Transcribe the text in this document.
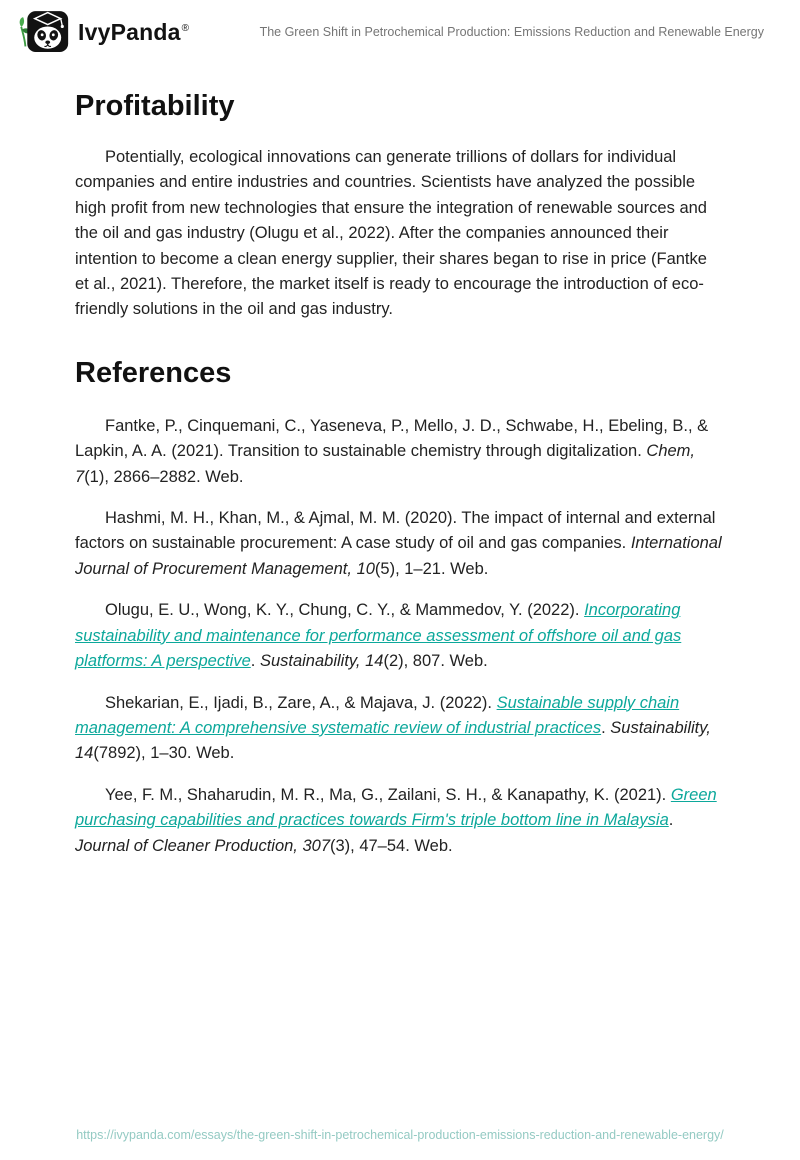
IvyPanda®	The Green Shift in Petrochemical Production: Emissions Reduction and Renewable Energy
Profitability

Potentially, ecological innovations can generate trillions of dollars for individual companies and entire industries and countries. Scientists have analyzed the possible high profit from new technologies that ensure the integration of renewable sources and the oil and gas industry (Olugu et al., 2022). After the companies announced their intention to become a clean energy supplier, their shares began to rise in price (Fantke et al., 2021). Therefore, the market itself is ready to encourage the introduction of eco-friendly solutions in the oil and gas industry.

References

Fantke, P., Cinquemani, C., Yaseneva, P., Mello, J. D., Schwabe, H., Ebeling, B., & Lapkin, A. A. (2021). Transition to sustainable chemistry through digitalization. Chem, 7(1), 2866–2882. Web.

Hashmi, M. H., Khan, M., & Ajmal, M. M. (2020). The impact of internal and external factors on sustainable procurement: A case study of oil and gas companies. International Journal of Procurement Management, 10(5), 1–21. Web.

Olugu, E. U., Wong, K. Y., Chung, C. Y., & Mammedov, Y. (2022). Incorporating sustainability and maintenance for performance assessment of offshore oil and gas platforms: A perspective. Sustainability, 14(2), 807. Web.

Shekarian, E., Ijadi, B., Zare, A., & Majava, J. (2022). Sustainable supply chain management: A comprehensive systematic review of industrial practices. Sustainability, 14(7892), 1–30. Web.

Yee, F. M., Shaharudin, M. R., Ma, G., Zailani, S. H., & Kanapathy, K. (2021). Green purchasing capabilities and practices towards Firm's triple bottom line in Malaysia. Journal of Cleaner Production, 307(3), 47–54. Web.

https://ivypanda.com/essays/the-green-shift-in-petrochemical-production-emissions-reduction-and-renewable-energy/
